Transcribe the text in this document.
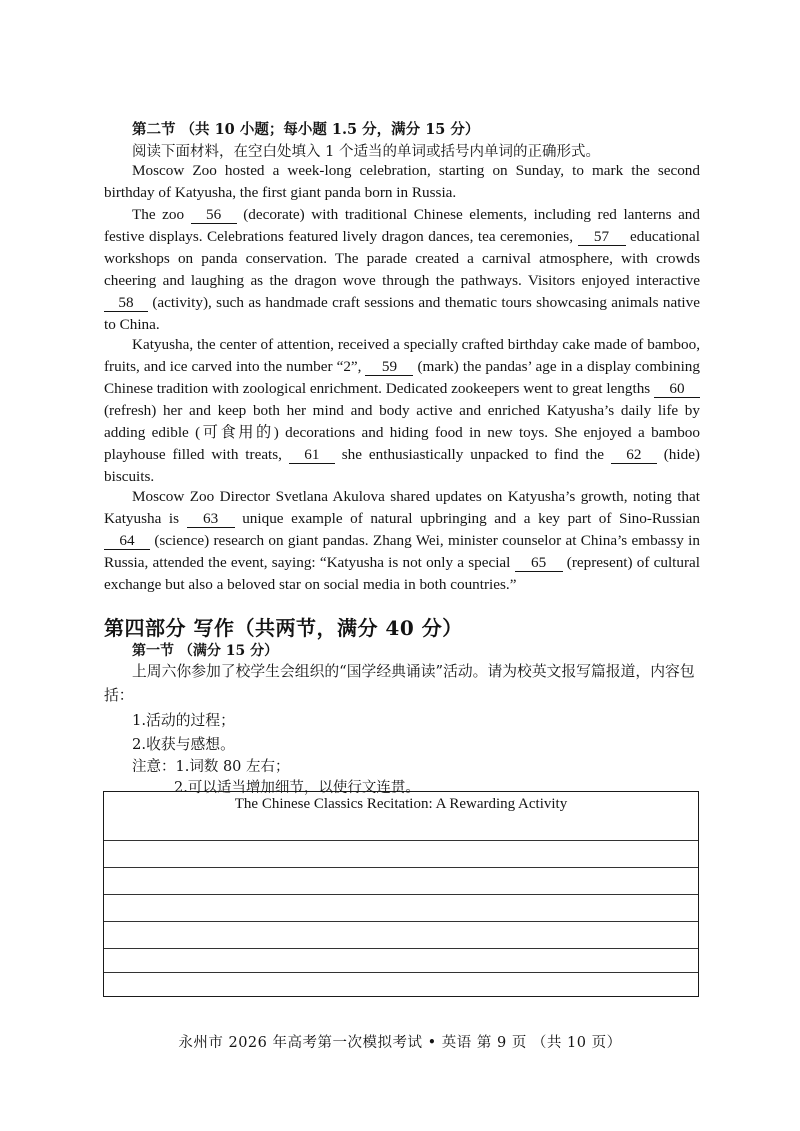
第二节 （共 10 小题；每小题 1.5 分，满分 15 分）
阅读下面材料，在空白处填入 1 个适当的单词或括号内单词的正确形式。
Moscow Zoo hosted a week-long celebration, starting on Sunday, to mark the second birthday of Katyusha, the first giant panda born in Russia.
The zoo 56 (decorate) with traditional Chinese elements, including red lanterns and festive displays. Celebrations featured lively dragon dances, tea ceremonies, 57 educational workshops on panda conservation. The parade created a carnival atmosphere, with crowds cheering and laughing as the dragon wove through the pathways. Visitors enjoyed interactive 58 (activity), such as handmade craft sessions and thematic tours showcasing animals native to China.
Katyusha, the center of attention, received a specially crafted birthday cake made of bamboo, fruits, and ice carved into the number “2”, 59 (mark) the pandas’ age in a display combining Chinese tradition with zoological enrichment. Dedicated zookeepers went to great lengths 60 (refresh) her and keep both her mind and body active and enriched Katyusha’s daily life by adding edible (可食用的) decorations and hiding food in new toys. She enjoyed a bamboo playhouse filled with treats, 61 she enthusiastically unpacked to find the 62 (hide) biscuits.
Moscow Zoo Director Svetlana Akulova shared updates on Katyusha’s growth, noting that Katyusha is 63 unique example of natural upbringing and a key part of Sino-Russian 64 (science) research on giant pandas. Zhang Wei, minister counselor at China’s embassy in Russia, attended the event, saying: “Katyusha is not only a special 65 (represent) of cultural exchange but also a beloved star on social media in both countries.”
第四部分 写作（共两节，满分 40 分）
第一节 （满分 15 分）
上周六你参加了校学生会组织的“国学经典诵读”活动。请为校英文报写篇报道，内容包括：
1.活动的过程；
2.收获与感想。
注意：1.词数 80 左右；
2.可以适当增加细节，以使行文连贯。
The Chinese Classics Recitation: A Rewarding Activity
永州市 2026 年高考第一次模拟考试 • 英语 第 9 页 （共 10 页）
